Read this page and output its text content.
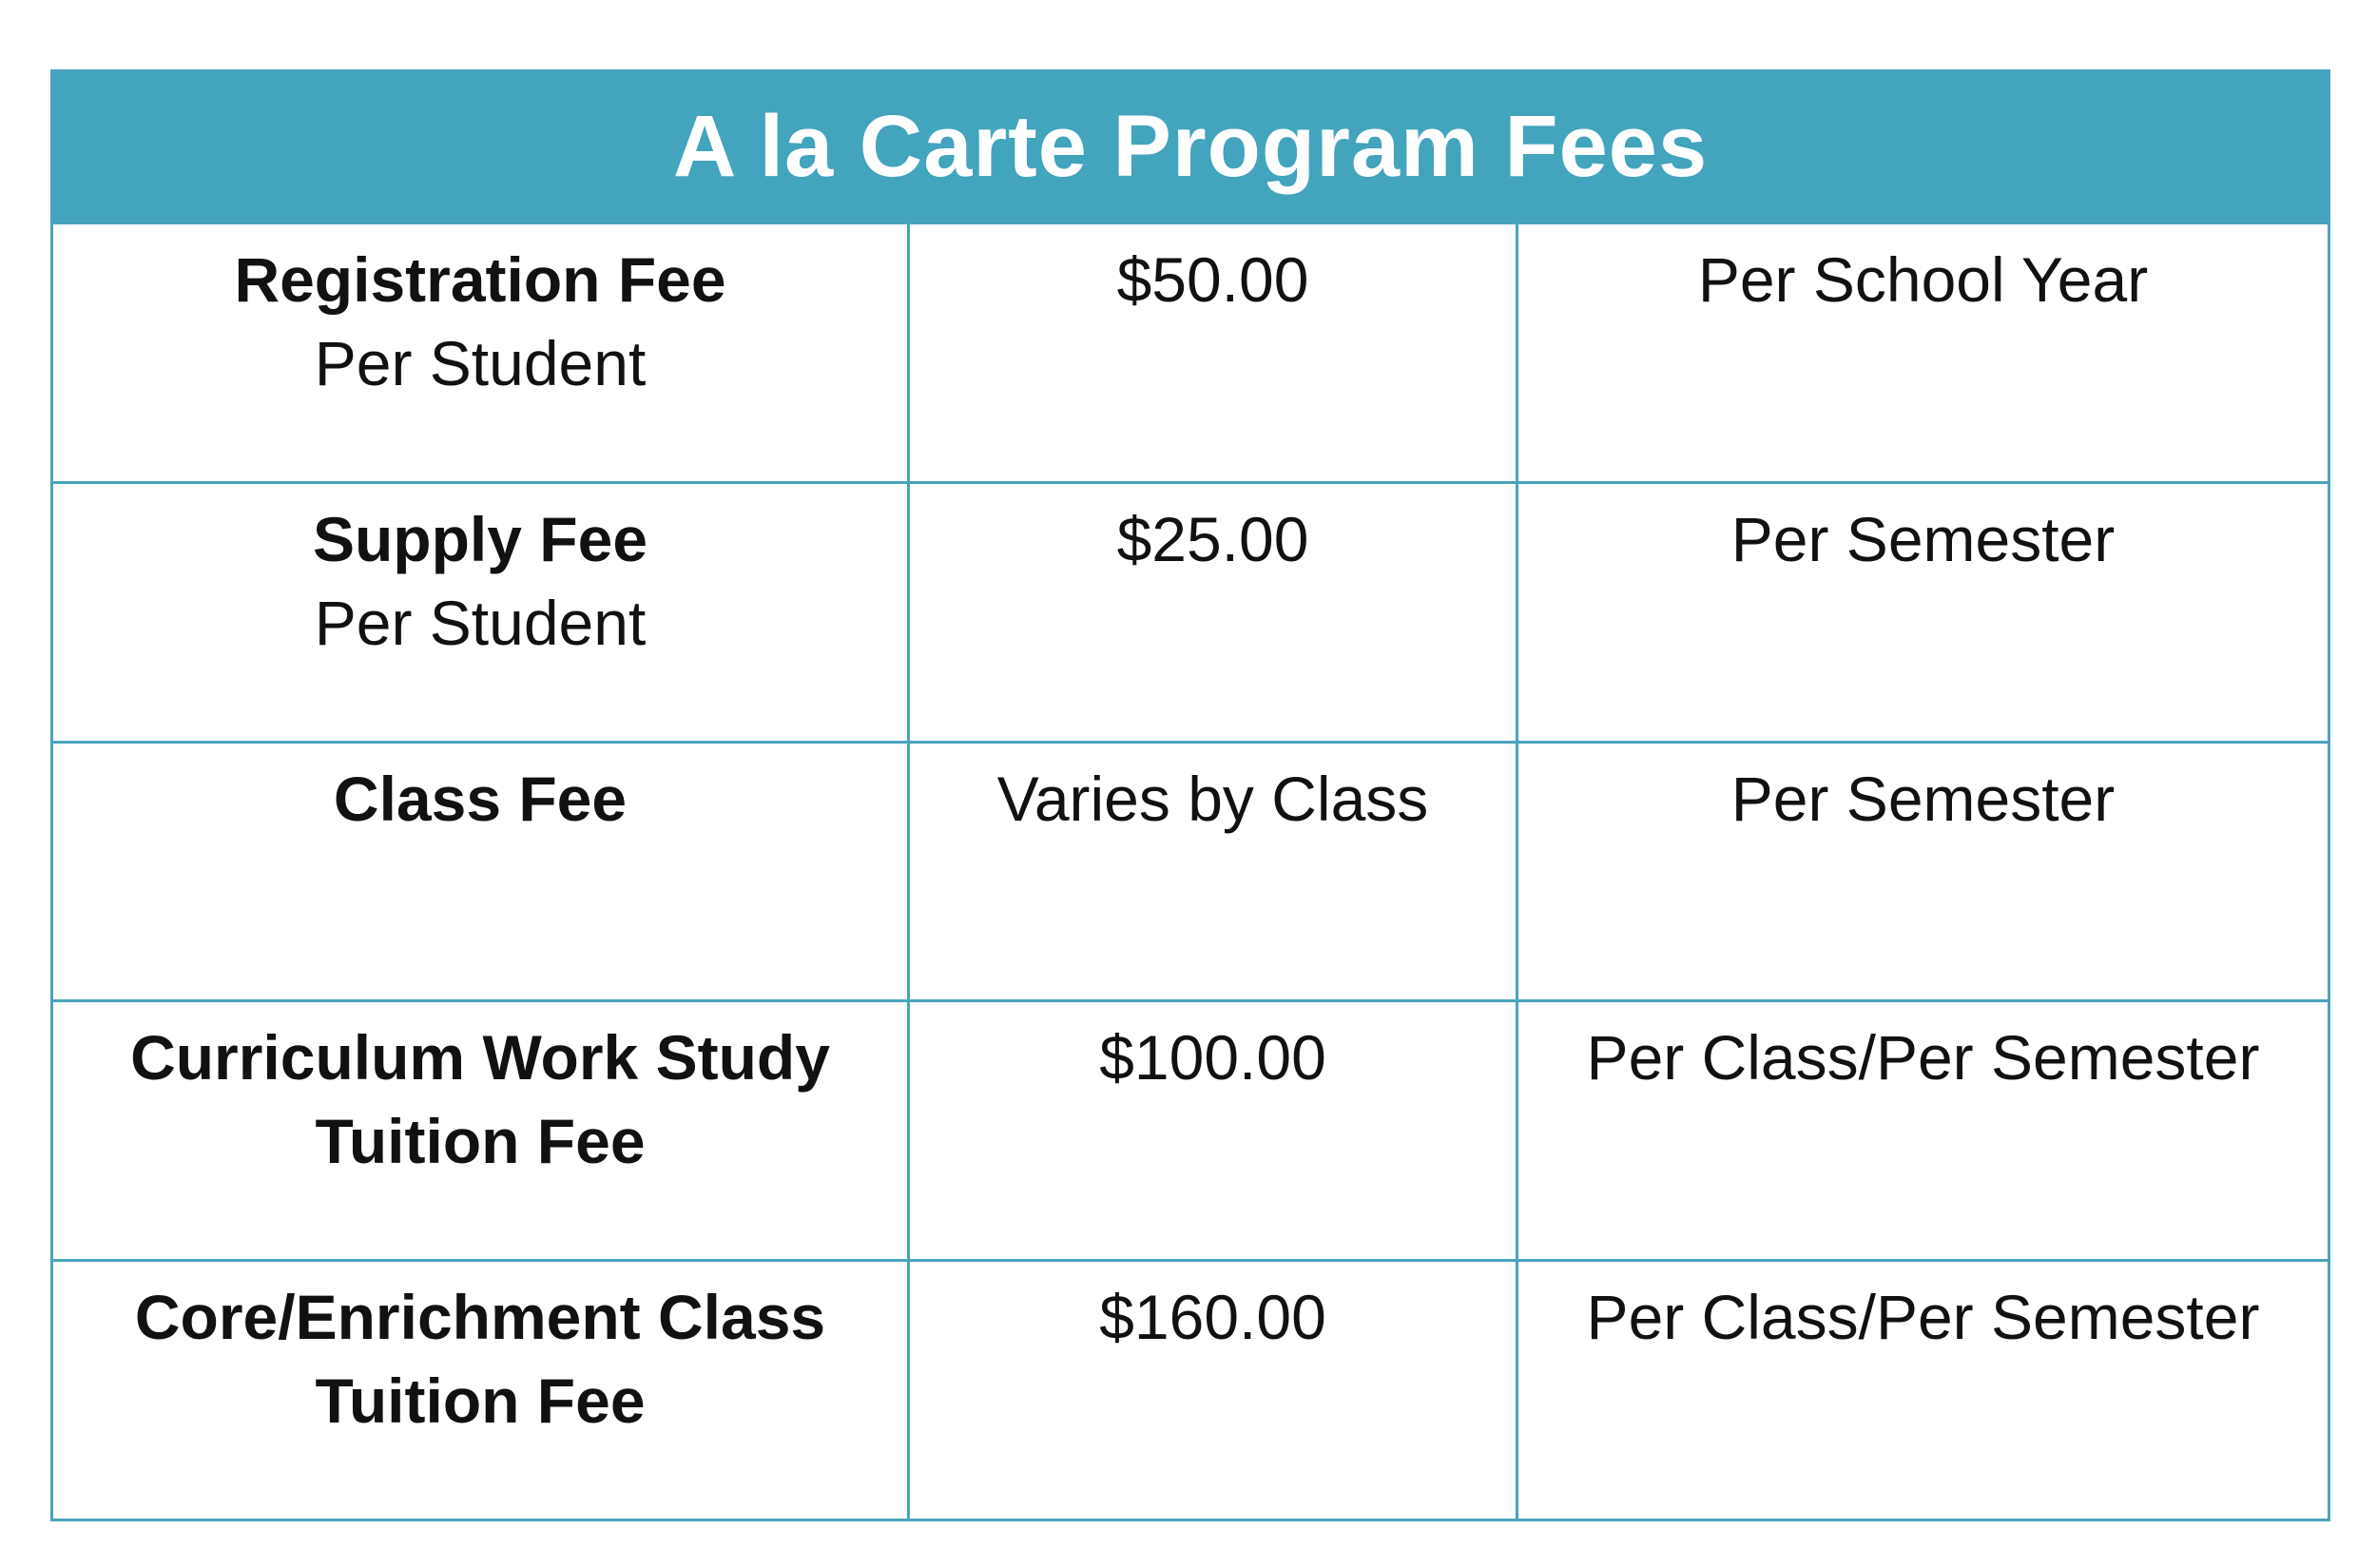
A la Carte Program Fees
Registration Fee
Per Student
$50.00	Per School Year
Supply Fee
Per Student
$25.00	Per Semester
Class Fee	Varies by Class	Per Semester
Curriculum Work Study
Tuition Fee
$100.00	Per Class/Per Semester
Core/Enrichment Class
Tuition Fee
$160.00	Per Class/Per Semester
